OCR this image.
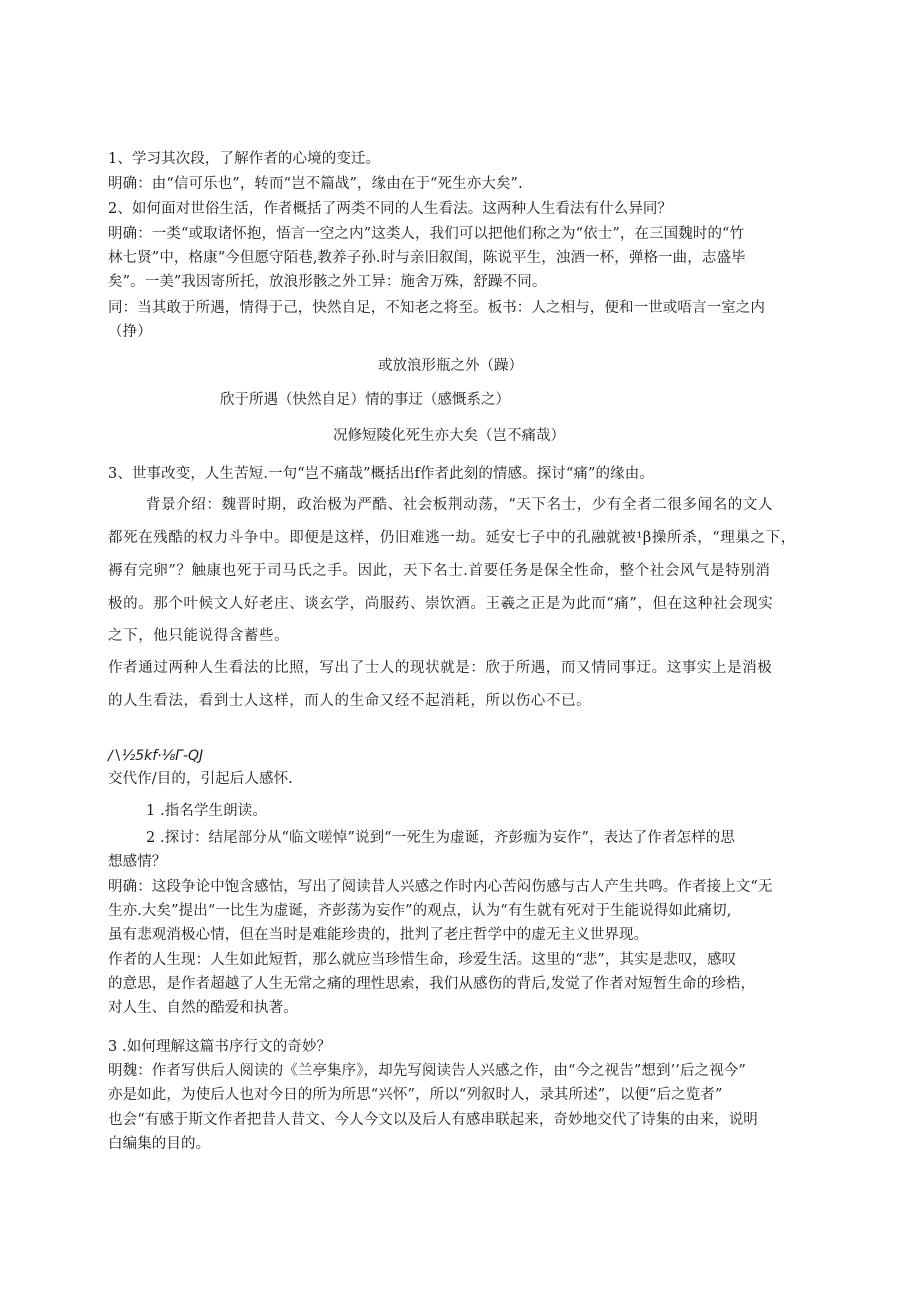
1、学习其次段，了解作者的心境的变迁。
明确：由“信可乐也”，转而“岂不篇战”，缘由在于“死生亦大矣”.
2、如何面对世俗生活，作者概括了两类不同的人生看法。这两种人生看法有什么异同？
明确：一类“或取诸怀抱，悟言一空之内”这类人，我们可以把他们称之为“依士”，在三国魏时的“竹
林七贤”中，格康“今但愿守陌巷,教养子孙.时与亲旧叙闺，陈说平生，浊酒一杯，弹格一曲，志盛毕
矣”。一美”我因寄所托，放浪形骸之外工异：施舍万殊，舒躁不同。
同：当其敢于所遇，情得于己，快然自足，不知老之将至。板书：人之相与，便和一世或唔言一室之内
（挣）
或放浪形瓶之外（躁）
欣于所遇（快然自足）情的事迂（感慨系之）
况修短陵化死生亦大矣（岂不痛哉）
3、世事改变，人生苦短.一句“岂不痛哉”概括出f作者此刻的情感。探讨“痛”的缘由。
背景介绍：魏晋时期，政治极为严酷、社会板荆动荡，“天下名士，少有全者二很多闻名的文人
都死在残酷的权力斗争中。即便是这样，仍旧难逃一劫。延安七子中的孔融就被¹β操所杀，“理巢之下，
褥有完卵”？触康也死于司马氏之手。因此，天下名士.首要任务是保全性命，整个社会风气是特别消
极的。那个叶候文人好老庄、谈玄学，尚服药、崇饮酒。王羲之正是为此而“痛”，但在这种社会现实
之下，他只能说得含蓄些。
作者通过两种人生看法的比照，写出了士人的现状就是：欣于所遇，而又情同事迂。这事实上是消极
的人生看法，看到士人这样，而人的生命又经不起消耗，所以伤心不已。
∕∖½5kf·⅛Γ-QJ
交代作/目的，引起后人感怀.
1 .指名学生朗读。
2 .探讨：结尾部分从“临文嗟悼”说到“一死生为虚诞，齐彭痂为妄作”，表达了作者怎样的思
想感情？
明确：这段争论中饱含感怙，写出了阅读昔人兴感之作时内心苦闷伤感与古人产生共鸣。作者接上文“无
生亦.大矣”提出“一比生为虚诞，齐彭荡为妄作”的观点，认为“有生就有死对于生能说得如此痛切,
虽有悲观消极心情，但在当时是难能珍贵的，批判了老庄哲学中的虚无主义世界现。
作者的人生现：人生如此短哲，那么就应当珍惜生命，珍爱生活。这里的“悲”，其实是悲叹，感叹
的意思，是作者超越了人生无常之痛的理性思索，我们从感伤的背后,发觉了作者对短暂生命的珍梏，
对人生、自然的酷爱和执著。
3 .如何理解这篇书序行文的奇妙？
明魏：作者写供后人阅读的《兰亭集序》，却先写阅读告人兴感之作，由“今之视告”想到’’后之视今”
亦是如此，为使后人也对今日的所为所思“兴怀”，所以“列叙时人，录其所述”，以便“后之览者”
也会“有感于斯文作者把昔人昔文、今人今文以及后人有感串联起来，奇妙地交代了诗集的由来，说明
白编集的目的。
